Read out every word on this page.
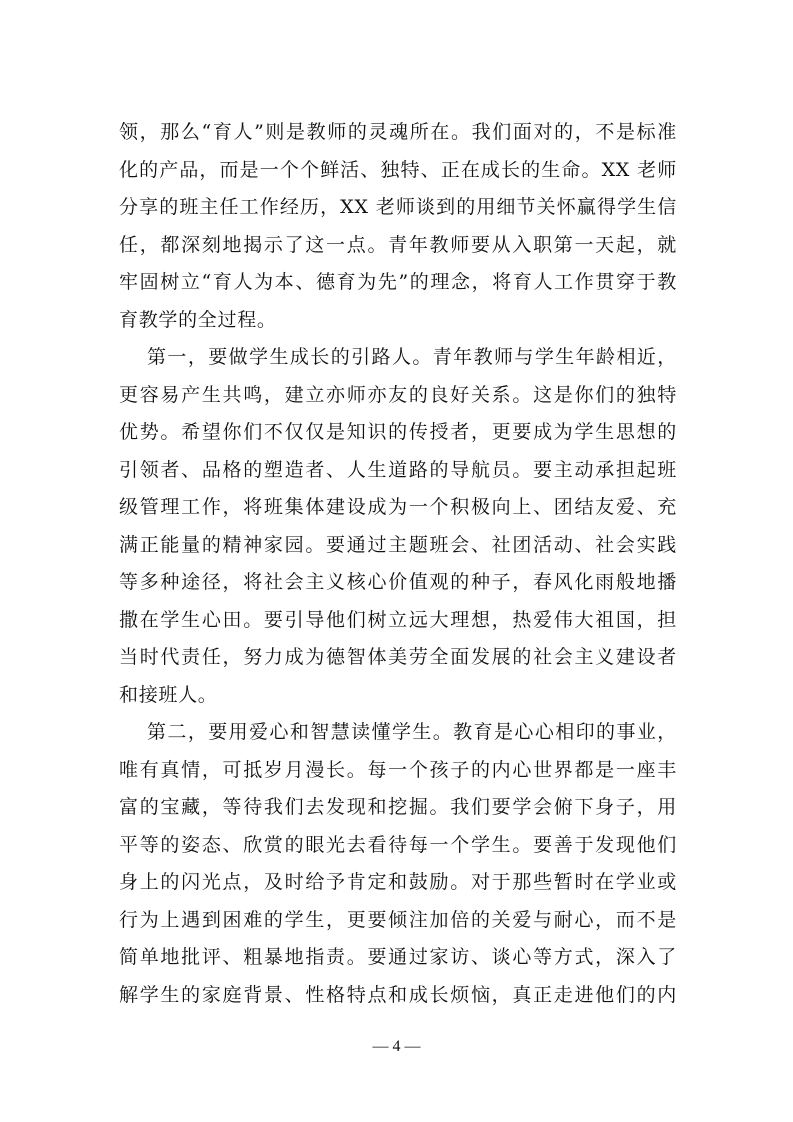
领，那么“育人”则是教师的灵魂所在。我们面对的，不是标准
化的产品，而是一个个鲜活、独特、正在成长的生命。XX 老师
分享的班主任工作经历，XX 老师谈到的用细节关怀赢得学生信
任，都深刻地揭示了这一点。青年教师要从入职第一天起，就
牢固树立“育人为本、德育为先”的理念，将育人工作贯穿于教
育教学的全过程。
第一，要做学生成长的引路人。青年教师与学生年龄相近，
更容易产生共鸣，建立亦师亦友的良好关系。这是你们的独特
优势。希望你们不仅仅是知识的传授者，更要成为学生思想的
引领者、品格的塑造者、人生道路的导航员。要主动承担起班
级管理工作，将班集体建设成为一个积极向上、团结友爱、充
满正能量的精神家园。要通过主题班会、社团活动、社会实践
等多种途径，将社会主义核心价值观的种子，春风化雨般地播
撒在学生心田。要引导他们树立远大理想，热爱伟大祖国，担
当时代责任，努力成为德智体美劳全面发展的社会主义建设者
和接班人。
第二，要用爱心和智慧读懂学生。教育是心心相印的事业，
唯有真情，可抵岁月漫长。每一个孩子的内心世界都是一座丰
富的宝藏，等待我们去发现和挖掘。我们要学会俯下身子，用
平等的姿态、欣赏的眼光去看待每一个学生。要善于发现他们
身上的闪光点，及时给予肯定和鼓励。对于那些暂时在学业或
行为上遇到困难的学生，更要倾注加倍的关爱与耐心，而不是
简单地批评、粗暴地指责。要通过家访、谈心等方式，深入了
解学生的家庭背景、性格特点和成长烦恼，真正走进他们的内
— 4 —
